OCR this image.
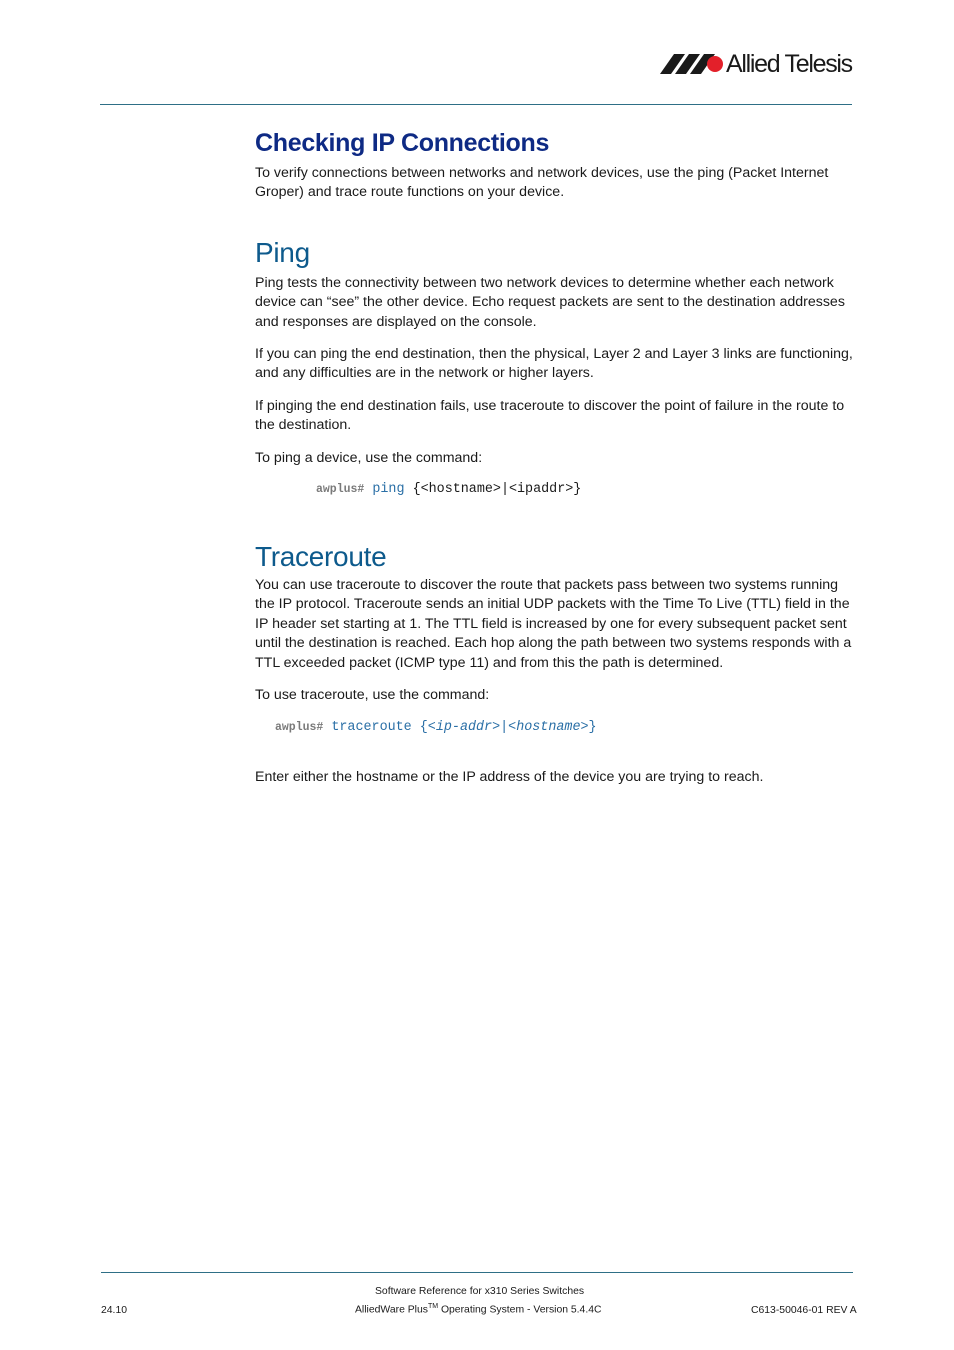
Allied Telesis
Checking IP Connections

To verify connections between networks and network devices, use the ping (Packet Internet Groper) and trace route functions on your device.

Ping

Ping tests the connectivity between two network devices to determine whether each network device can “see” the other device. Echo request packets are sent to the destination addresses and responses are displayed on the console.

If you can ping the end destination, then the physical, Layer 2 and Layer 3 links are functioning, and any difficulties are in the network or higher layers.

If pinging the end destination fails, use traceroute to discover the point of failure in the route to the destination.

To ping a device, use the command:

awplus# ping {<hostname>|<ipaddr>}
Traceroute

You can use traceroute to discover the route that packets pass between two systems running the IP protocol. Traceroute sends an initial UDP packets with the Time To Live (TTL) field in the IP header set starting at 1. The TTL field is increased by one for every subsequent packet sent until the destination is reached. Each hop along the path between two systems responds with a TTL exceeded packet (ICMP type 11) and from this the path is determined.

To use traceroute, use the command:

awplus# traceroute {<ip-addr>|<hostname>}

Enter either the hostname or the IP address of the device you are trying to reach.

Software Reference for x310 Series Switches
24.10	AlliedWare Plus™ Operating System - Version 5.4.4C	C613-50046-01 REV A
